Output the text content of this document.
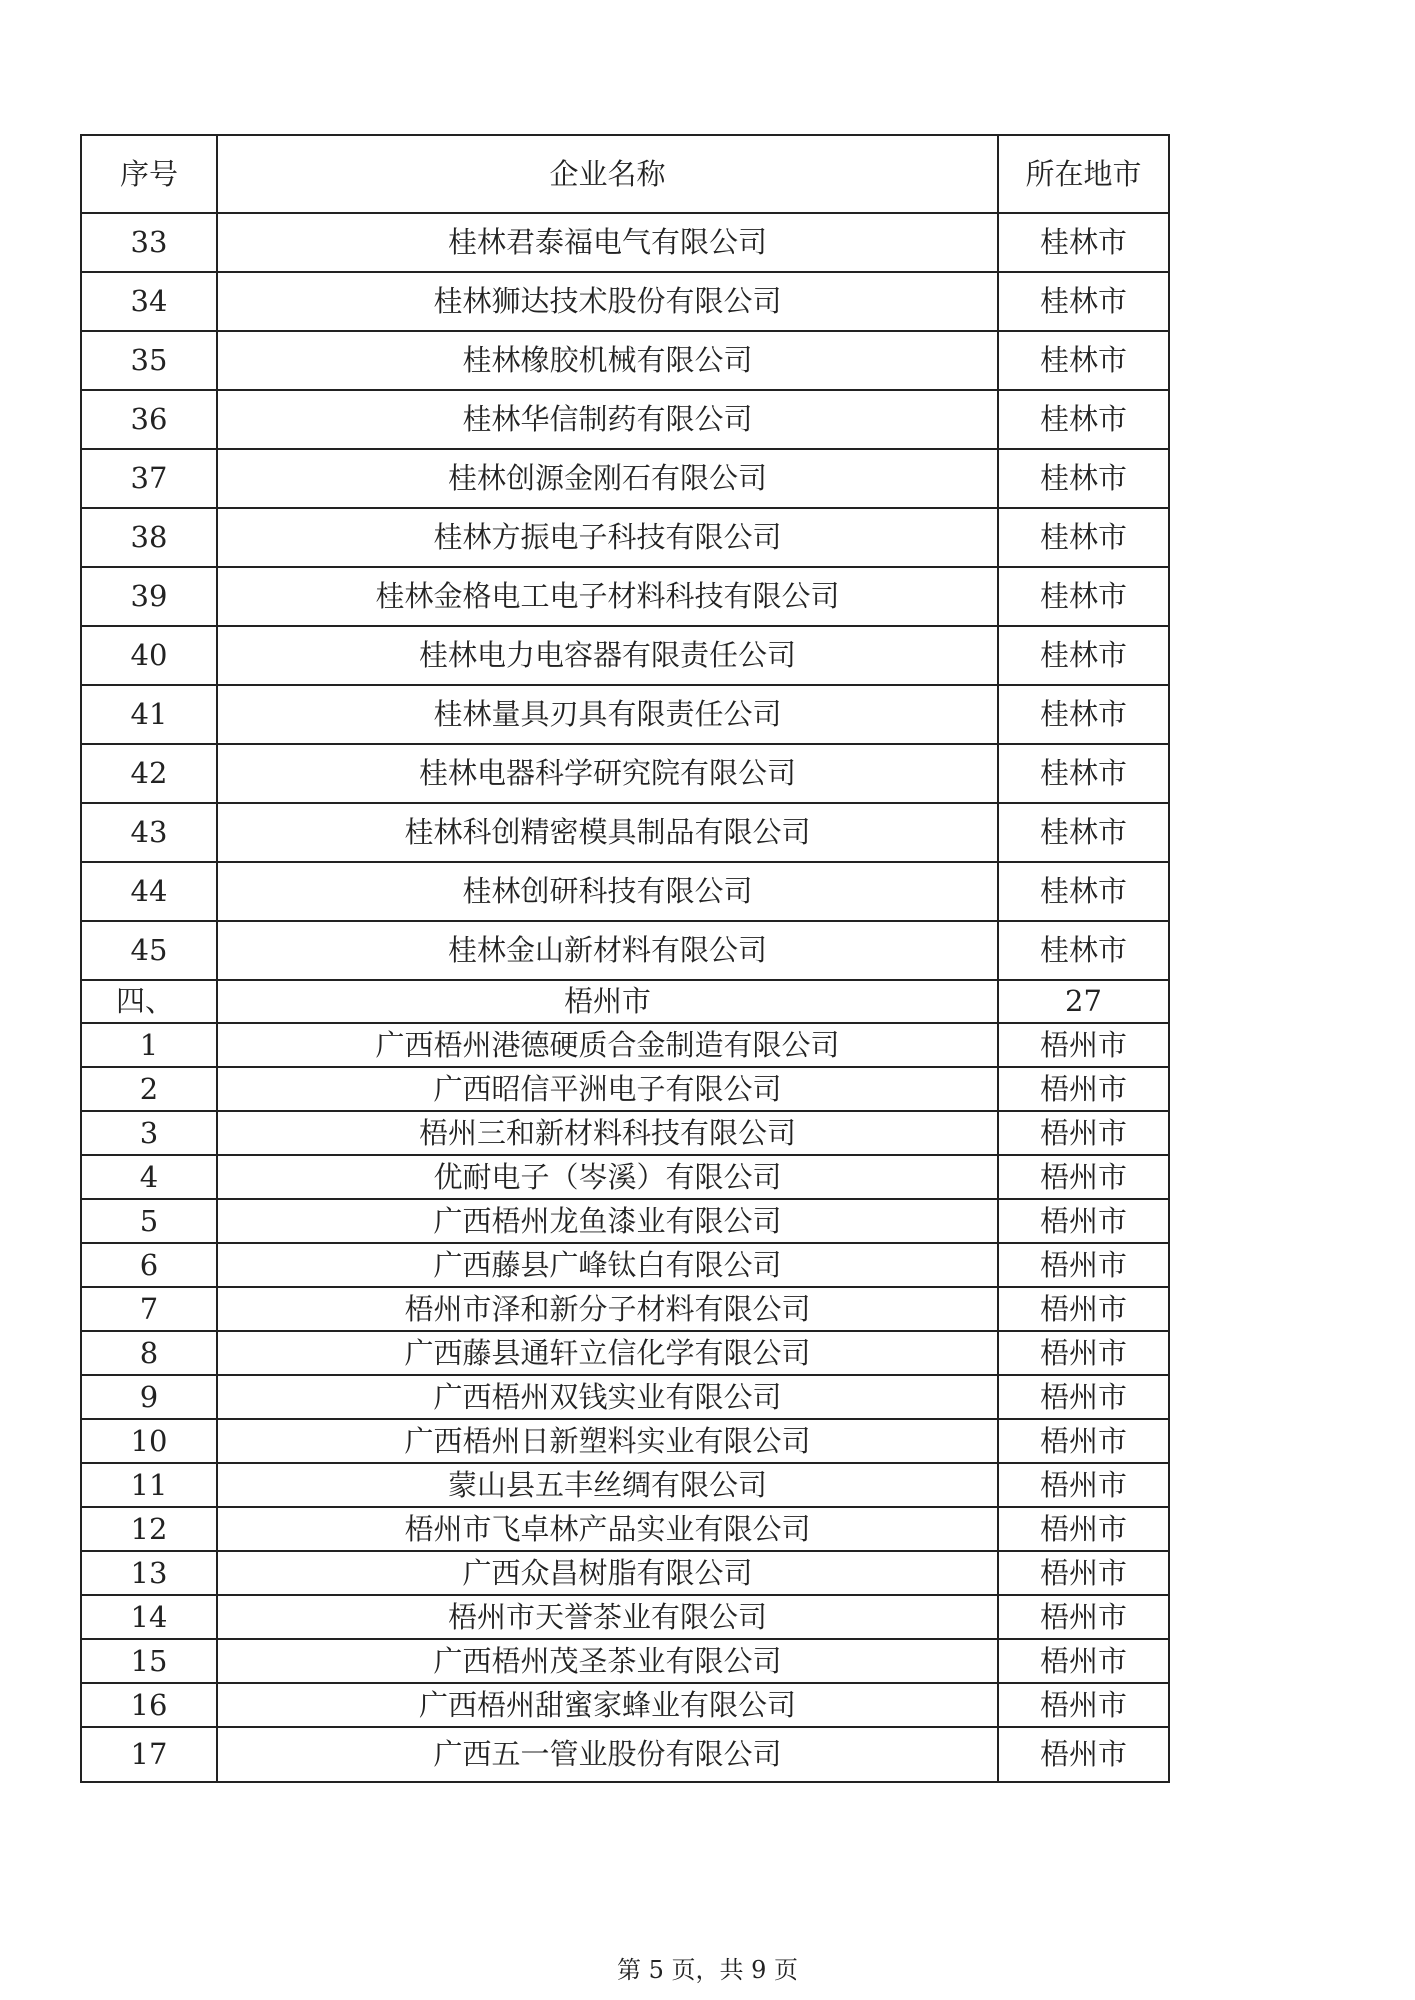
序号	企业名称	所在地市
33	桂林君泰福电气有限公司	桂林市
34	桂林狮达技术股份有限公司	桂林市
35	桂林橡胶机械有限公司	桂林市
36	桂林华信制药有限公司	桂林市
37	桂林创源金刚石有限公司	桂林市
38	桂林方振电子科技有限公司	桂林市
39	桂林金格电工电子材料科技有限公司	桂林市
40	桂林电力电容器有限责任公司	桂林市
41	桂林量具刃具有限责任公司	桂林市
42	桂林电器科学研究院有限公司	桂林市
43	桂林科创精密模具制品有限公司	桂林市
44	桂林创研科技有限公司	桂林市
45	桂林金山新材料有限公司	桂林市
四、	梧州市	27
1	广西梧州港德硬质合金制造有限公司	梧州市
2	广西昭信平洲电子有限公司	梧州市
3	梧州三和新材料科技有限公司	梧州市
4	优耐电子（岑溪）有限公司	梧州市
5	广西梧州龙鱼漆业有限公司	梧州市
6	广西藤县广峰钛白有限公司	梧州市
7	梧州市泽和新分子材料有限公司	梧州市
8	广西藤县通轩立信化学有限公司	梧州市
9	广西梧州双钱实业有限公司	梧州市
10	广西梧州日新塑料实业有限公司	梧州市
11	蒙山县五丰丝绸有限公司	梧州市
12	梧州市飞卓林产品实业有限公司	梧州市
13	广西众昌树脂有限公司	梧州市
14	梧州市天誉茶业有限公司	梧州市
15	广西梧州茂圣茶业有限公司	梧州市
16	广西梧州甜蜜家蜂业有限公司	梧州市
17	广西五一管业股份有限公司	梧州市
第 5 页，共 9 页
